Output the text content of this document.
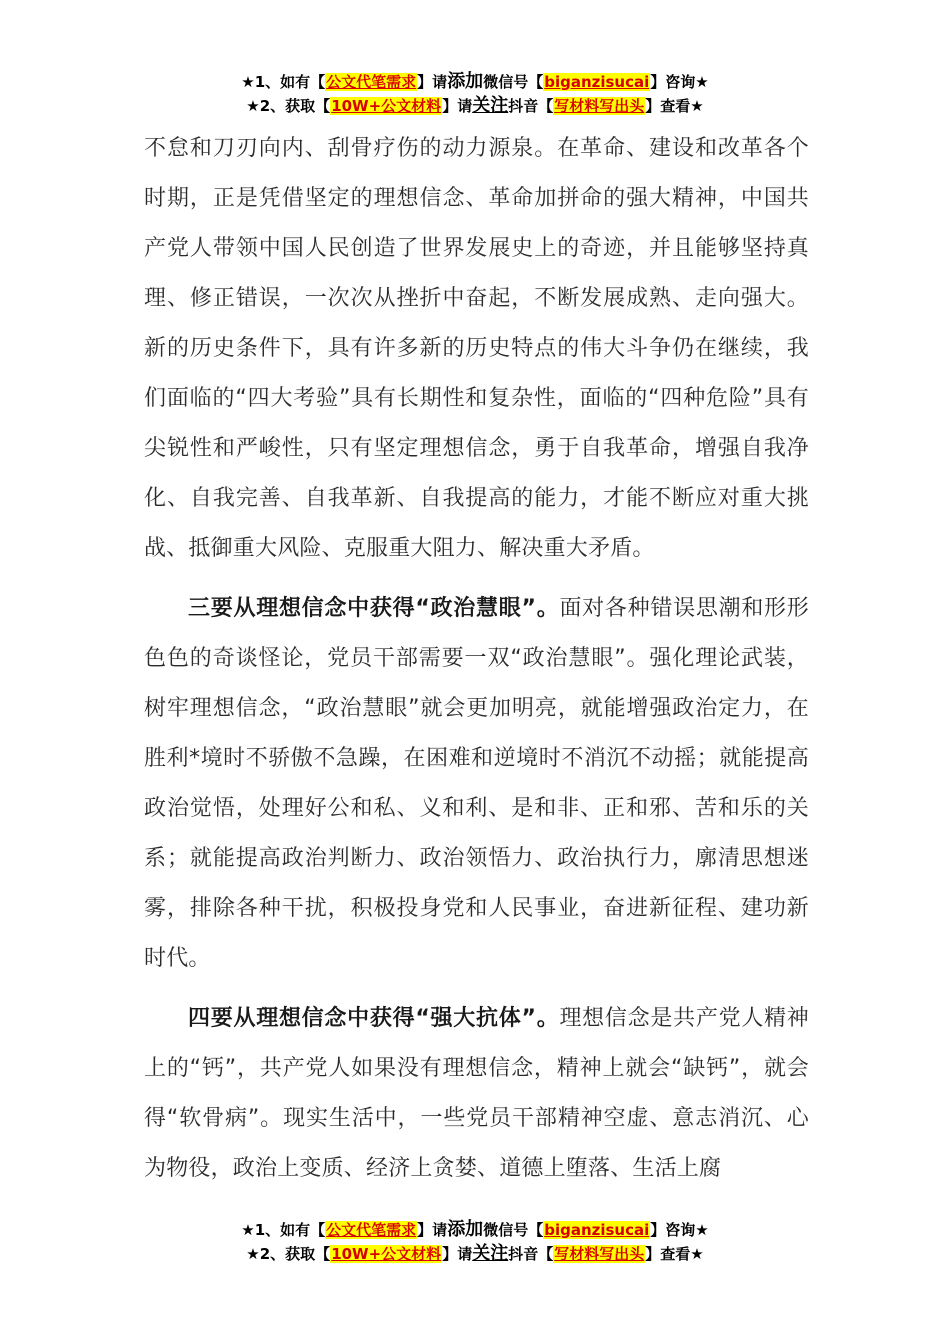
★1、如有【公文代笔需求】请添加微信号【biganzisucai】咨询★
★2、获取【10W+公文材料】请关注抖音【写材料写出头】查看★

不怠和刀刃向内、刮骨疗伤的动力源泉。在革命、建设和改革各个时期，正是凭借坚定的理想信念、革命加拼命的强大精神，中国共产党人带领中国人民创造了世界发展史上的奇迹，并且能够坚持真理、修正错误，一次次从挫折中奋起，不断发展成熟、走向强大。新的历史条件下，具有许多新的历史特点的伟大斗争仍在继续，我们面临的“四大考验”具有长期性和复杂性，面临的“四种危险”具有尖锐性和严峻性，只有坚定理想信念，勇于自我革命，增强自我净化、自我完善、自我革新、自我提高的能力，才能不断应对重大挑战、抵御重大风险、克服重大阻力、解决重大矛盾。

三要从理想信念中获得“政治慧眼”。面对各种错误思潮和形形色色的奇谈怪论，党员干部需要一双“政治慧眼”。强化理论武装，树牢理想信念，“政治慧眼”就会更加明亮，就能增强政治定力，在胜利*境时不骄傲不急躁，在困难和逆境时不消沉不动摇；就能提高政治觉悟，处理好公和私、义和利、是和非、正和邪、苦和乐的关系；就能提高政治判断力、政治领悟力、政治执行力，廓清思想迷雾，排除各种干扰，积极投身党和人民事业，奋进新征程、建功新时代。

四要从理想信念中获得“强大抗体”。理想信念是共产党人精神上的“钙”，共产党人如果没有理想信念，精神上就会“缺钙”，就会得“软骨病”。现实生活中，一些党员干部精神空虚、意志消沉、心为物役，政治上变质、经济上贪婪、道德上堕落、生活上腐

★1、如有【公文代笔需求】请添加微信号【biganzisucai】咨询★
★2、获取【10W+公文材料】请关注抖音【写材料写出头】查看★
